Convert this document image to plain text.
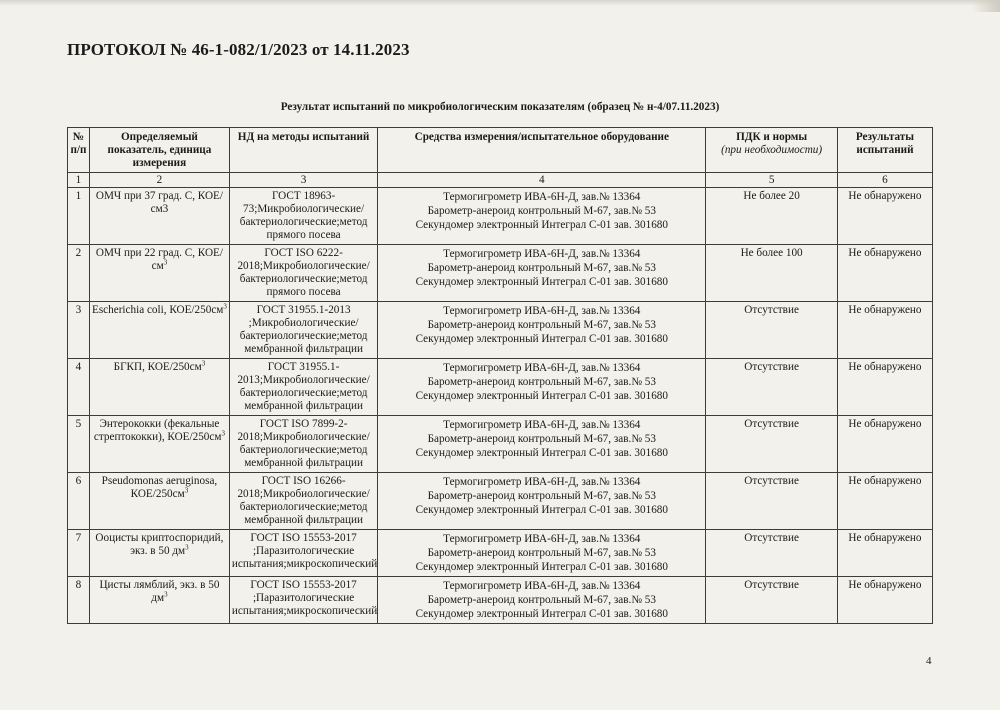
ПРОТОКОЛ № 46-1-082/1/2023 от 14.11.2023
Результат испытаний по микробиологическим показателям (образец № н-4/07.11.2023)
№ п/п	Определяемый показатель, единица измерения	НД на методы испытаний	Средства измерения/испытательное оборудование	ПДК и нормы
(при необходимости)	Результаты испытаний
1	2	3	4	5	6
1	ОМЧ при 37 град. С, КОЕ/см3	ГОСТ 18963-73;Микробиологические/бактериологические;метод прямого посева	Термогигрометр ИВА-6Н-Д, зав.№ 13364
Барометр-анероид контрольный М-67, зав.№ 53
Секундомер электронный Интеграл С-01 зав. 301680	Не более 20	Не обнаружено
2	ОМЧ при 22 град. С, КОЕ/$см^3$	ГОСТ ISO 6222-2018;Микробиологические/бактериологические;метод прямого посева	Термогигрометр ИВА-6Н-Д, зав.№ 13364
Барометр-анероид контрольный М-67, зав.№ 53
Секундомер электронный Интеграл С-01 зав. 301680	Не более 100	Не обнаружено
3	Escherichia coli, КОЕ/$250см^3$	ГОСТ 31955.1-2013 ;Микробиологические/бактериологические;метод мембранной фильтрации	Термогигрометр ИВА-6Н-Д, зав.№ 13364
Барометр-анероид контрольный М-67, зав.№ 53
Секундомер электронный Интеграл С-01 зав. 301680	Отсутствие	Не обнаружено
4	БГКП, КОЕ/$250см^3$	ГОСТ 31955.1-2013;Микробиологические/бактериологические;метод мембранной фильтрации	Термогигрометр ИВА-6Н-Д, зав.№ 13364
Барометр-анероид контрольный М-67, зав.№ 53
Секундомер электронный Интеграл С-01 зав. 301680	Отсутствие	Не обнаружено
5	Энтерококки (фекальные стрептококки), КОЕ/$250см^3$	ГОСТ ISO 7899-2-2018;Микробиологические/бактериологические;метод мембранной фильтрации	Термогигрометр ИВА-6Н-Д, зав.№ 13364
Барометр-анероид контрольный М-67, зав.№ 53
Секундомер электронный Интеграл С-01 зав. 301680	Отсутствие	Не обнаружено
6	Pseudomonas aeruginosa, КОЕ/$250см^3$	ГОСТ ISO 16266-2018;Микробиологические/бактериологические;метод мембранной фильтрации	Термогигрометр ИВА-6Н-Д, зав.№ 13364
Барометр-анероид контрольный М-67, зав.№ 53
Секундомер электронный Интеграл С-01 зав. 301680	Отсутствие	Не обнаружено
7	Ооцисты криптоспоридий, экз. в 50 $дм^3$	ГОСТ ISO 15553-2017 ;Паразитологические испытания;микроскопический	Термогигрометр ИВА-6Н-Д, зав.№ 13364
Барометр-анероид контрольный М-67, зав.№ 53
Секундомер электронный Интеграл С-01 зав. 301680	Отсутствие	Не обнаружено
8	Цисты лямблий, экз. в 50 $дм^3$	ГОСТ ISO 15553-2017 ;Паразитологические испытания;микроскопический	Термогигрометр ИВА-6Н-Д, зав.№ 13364
Барометр-анероид контрольный М-67, зав.№ 53
Секундомер электронный Интеграл С-01 зав. 301680	Отсутствие	Не обнаружено
4
